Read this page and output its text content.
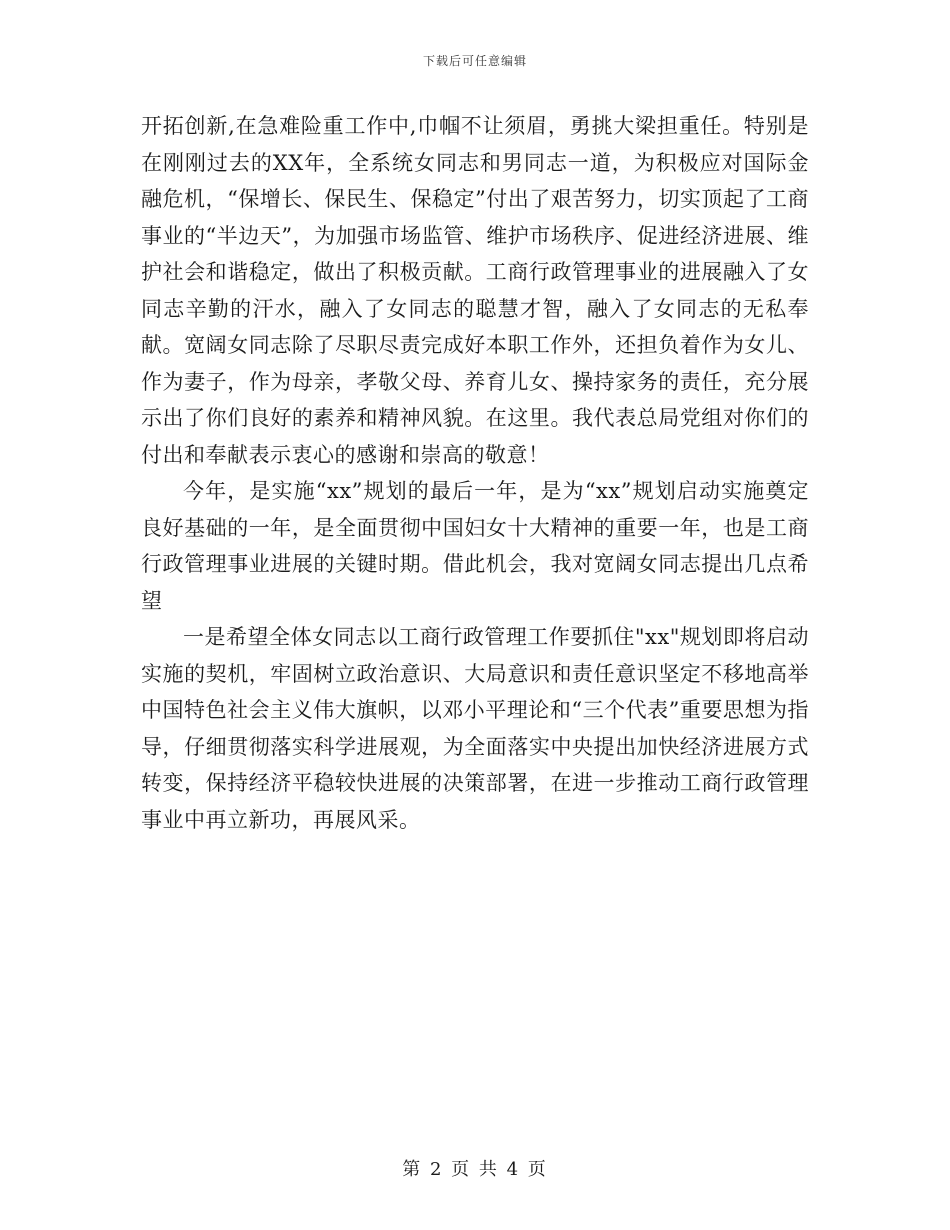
下载后可任意编辑

开拓创新,在急难险重工作中,巾帼不让须眉，勇挑大梁担重任。特别是在刚刚过去的XX年，全系统女同志和男同志一道，为积极应对国际金融危机，“保增长、保民生、保稳定”付出了艰苦努力，切实顶起了工商事业的“半边天”，为加强市场监管、维护市场秩序、促进经济进展、维护社会和谐稳定，做出了积极贡献。工商行政管理事业的进展融入了女同志辛勤的汗水，融入了女同志的聪慧才智，融入了女同志的无私奉献。宽阔女同志除了尽职尽责完成好本职工作外，还担负着作为女儿、作为妻子，作为母亲，孝敬父母、养育儿女、操持家务的责任，充分展示出了你们良好的素养和精神风貌。在这里。我代表总局党组对你们的付出和奉献表示衷心的感谢和崇高的敬意！

今年，是实施“xx”规划的最后一年，是为“xx”规划启动实施奠定良好基础的一年，是全面贯彻中国妇女十大精神的重要一年，也是工商行政管理事业进展的关键时期。借此机会，我对宽阔女同志提出几点希望

一是希望全体女同志以工商行政管理工作要抓住"xx"规划即将启动实施的契机，牢固树立政治意识、大局意识和责任意识坚定不移地高举中国特色社会主义伟大旗帜，以邓小平理论和“三个代表”重要思想为指导，仔细贯彻落实科学进展观，为全面落实中央提出加快经济进展方式转变，保持经济平稳较快进展的决策部署，在进一步推动工商行政管理事业中再立新功，再展风采。

第 2 页 共 4 页
